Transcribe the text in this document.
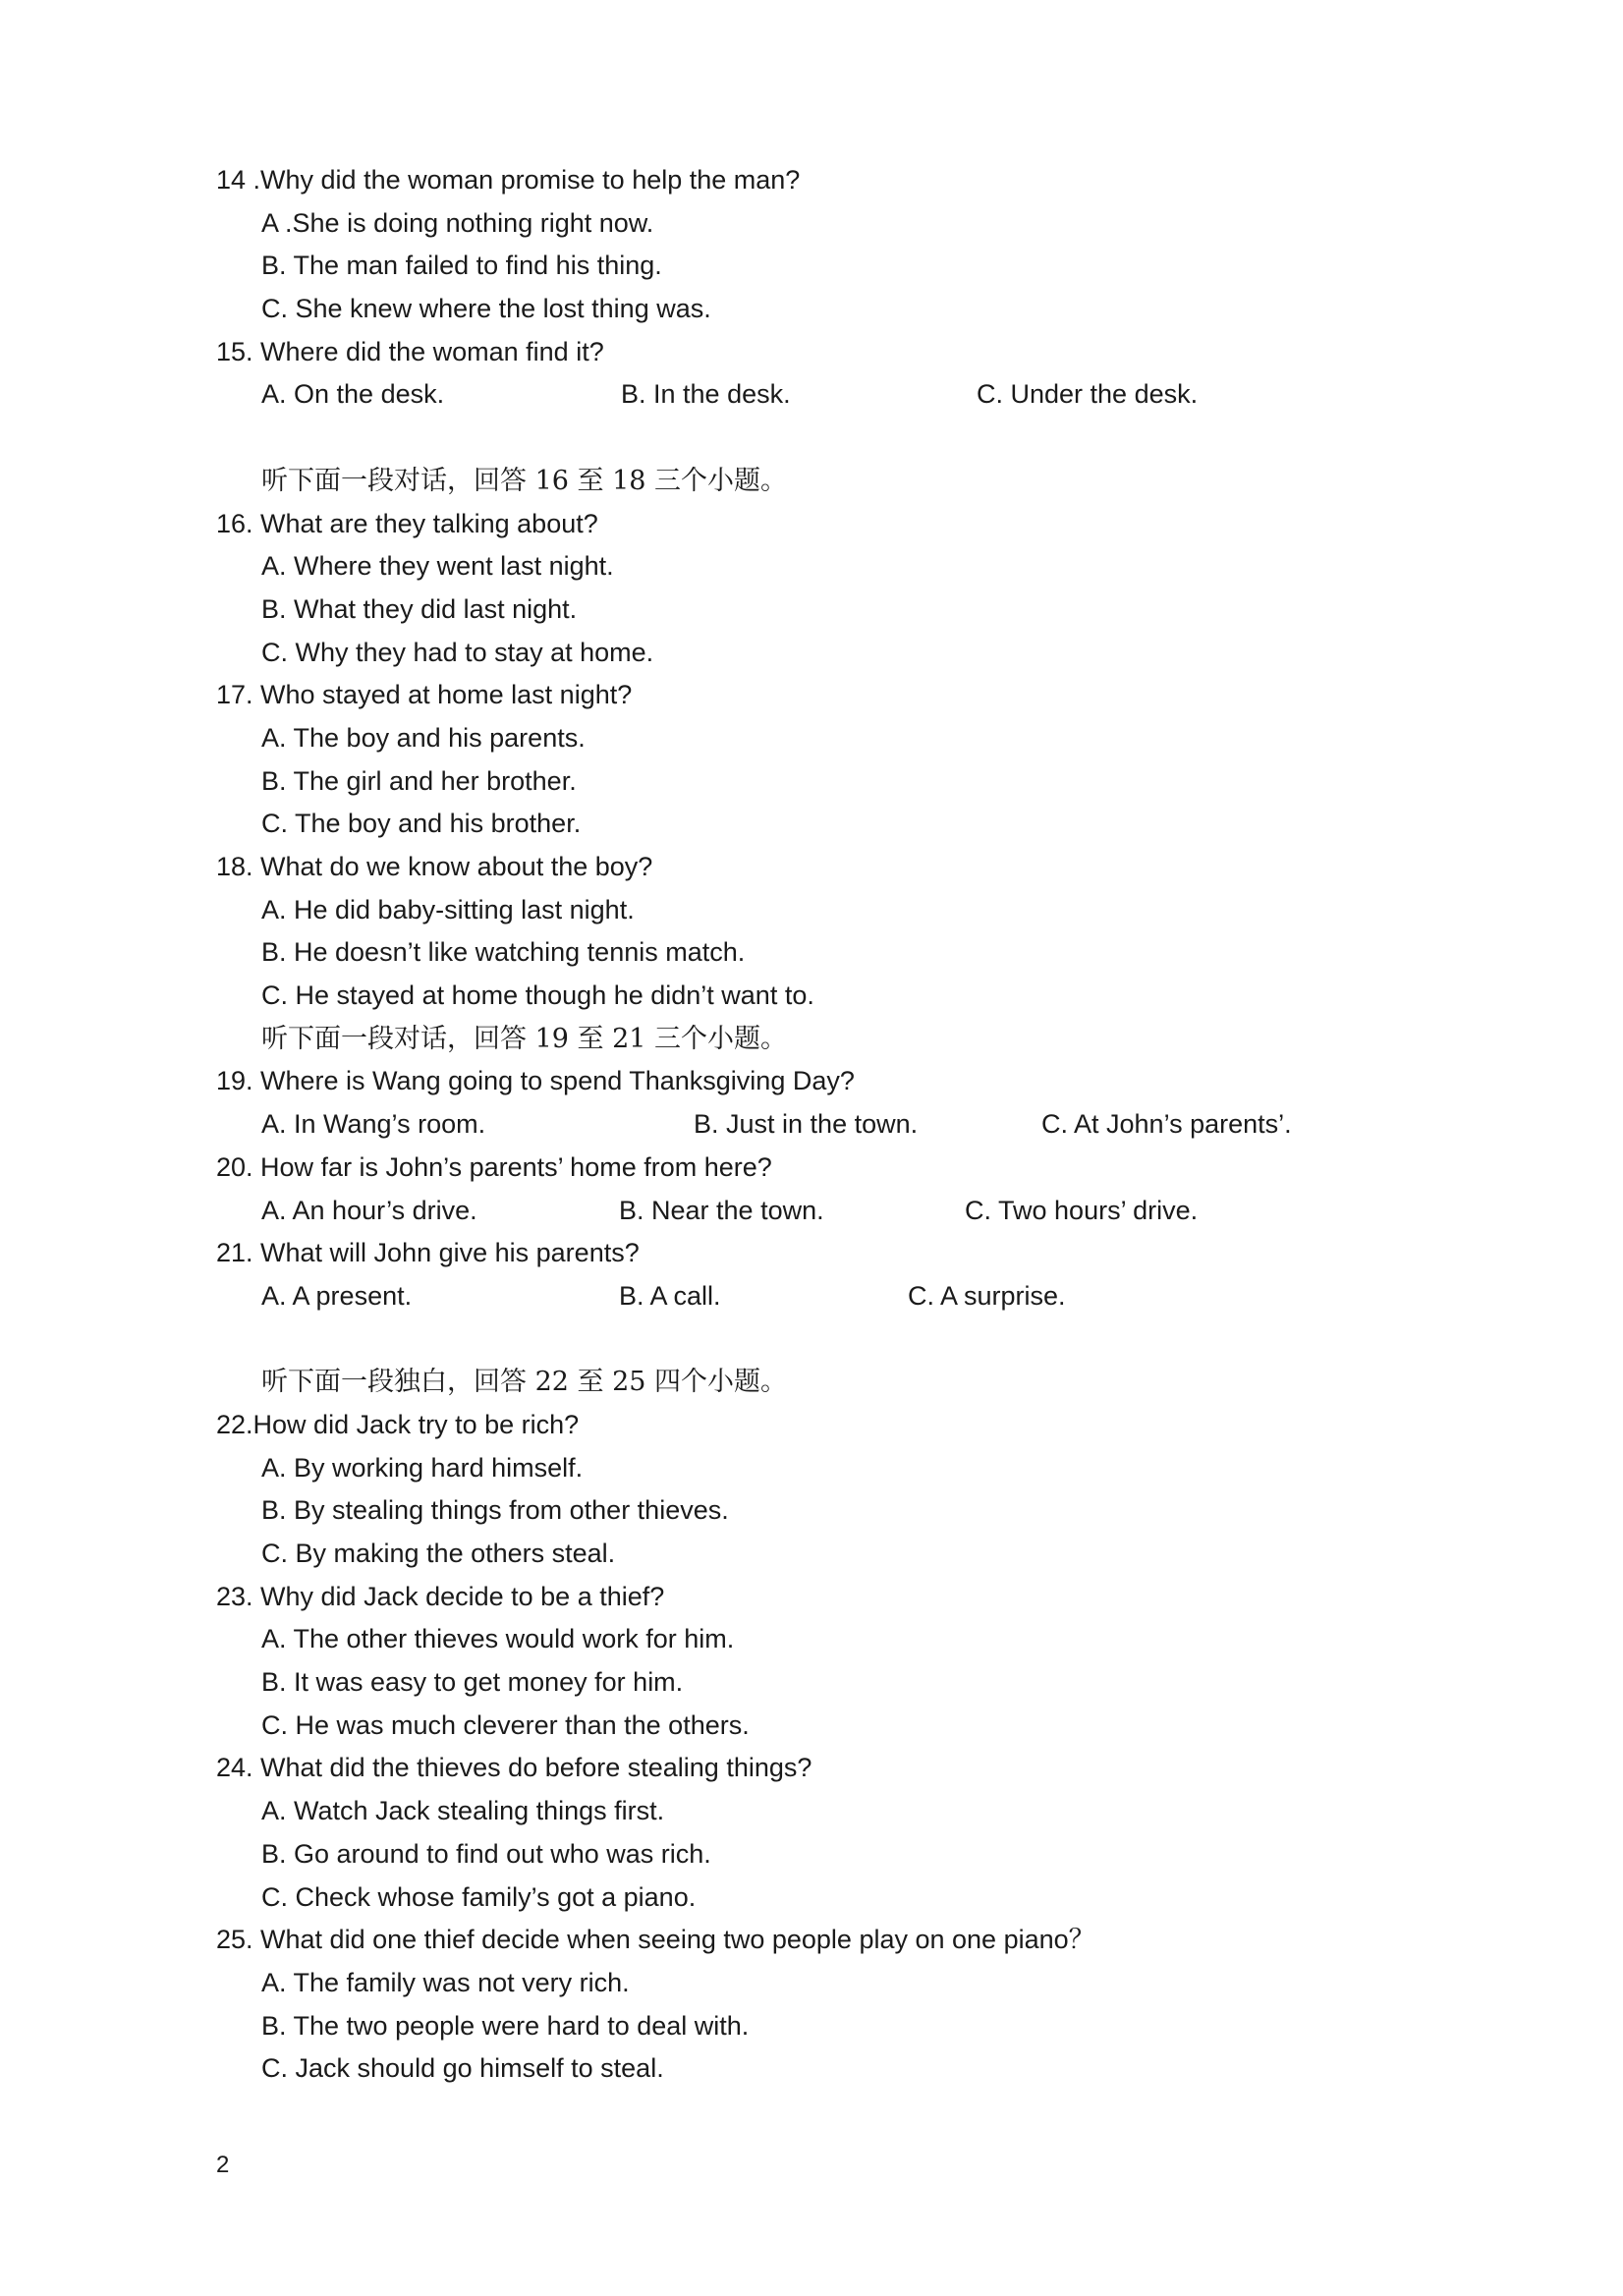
14 .Why did the woman promise to help the man?
A .She is doing nothing right now.
B. The man failed to find his thing.
C. She knew where the lost thing was.
15. Where did the woman find it?
A. On the desk.	B. In the desk.	C. Under the desk.
听下面一段对话，回答 16 至 18 三个小题。
16. What are they talking about?
A. Where they went last night.
B. What they did last night.
C. Why they had to stay at home.
17. Who stayed at home last night?
A. The boy and his parents.
B. The girl and her brother.
C. The boy and his brother.
18. What do we know about the boy?
A. He did baby-sitting last night.
B. He doesn’t like watching tennis match.
C. He stayed at home though he didn’t want to.
听下面一段对话，回答 19 至 21 三个小题。
19. Where is Wang going to spend Thanksgiving Day?
A. In Wang’s room.	B. Just in the town.	C. At John’s parents’.
20. How far is John’s parents’ home from here?
A. An hour’s drive.	B. Near the town.	C. Two hours’ drive.
21. What will John give his parents?
A. A present.	B. A call.	C. A surprise.
听下面一段独白，回答 22 至 25 四个小题。
22.How did Jack try to be rich?
A. By working hard himself.
B. By stealing things from other thieves.
C. By making the others steal.
23. Why did Jack decide to be a thief?
A. The other thieves would work for him.
B. It was easy to get money for him.
C. He was much cleverer than the others.
24. What did the thieves do before stealing things?
A. Watch Jack stealing things first.
B. Go around to find out who was rich.
C. Check whose family’s got a piano.
25. What did one thief decide when seeing two people play on one piano？
A. The family was not very rich.
B. The two people were hard to deal with.
C. Jack should go himself to steal.
2
